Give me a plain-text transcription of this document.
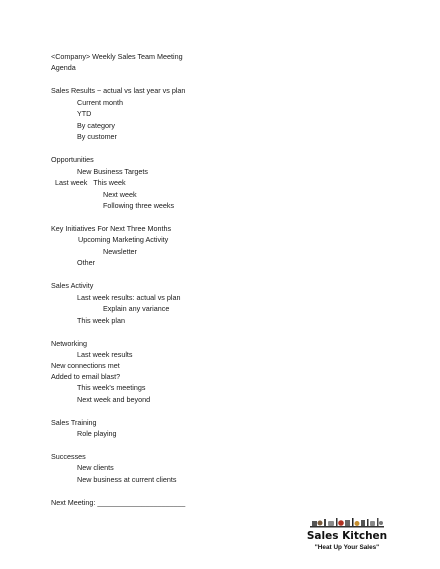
<Company> Weekly Sales Team Meeting
Agenda
Sales Results ~ actual vs last year vs plan
Current month
YTD
By category
By customer
Opportunities
New Business Targets
Last week   This week
Next week
Following three weeks
Key Initiatives For Next Three Months
Upcoming Marketing Activity
Newsletter
Other
Sales Activity
Last week results: actual vs plan
Explain any variance
This week plan
Networking
Last week results
New connections met
Added to email blast?
This week's meetings
Next week and beyond
Sales Training
Role playing
Successes
New clients
New business at current clients
Next Meeting: ______________________
Sales Kitchen
"Heat Up Your Sales"
